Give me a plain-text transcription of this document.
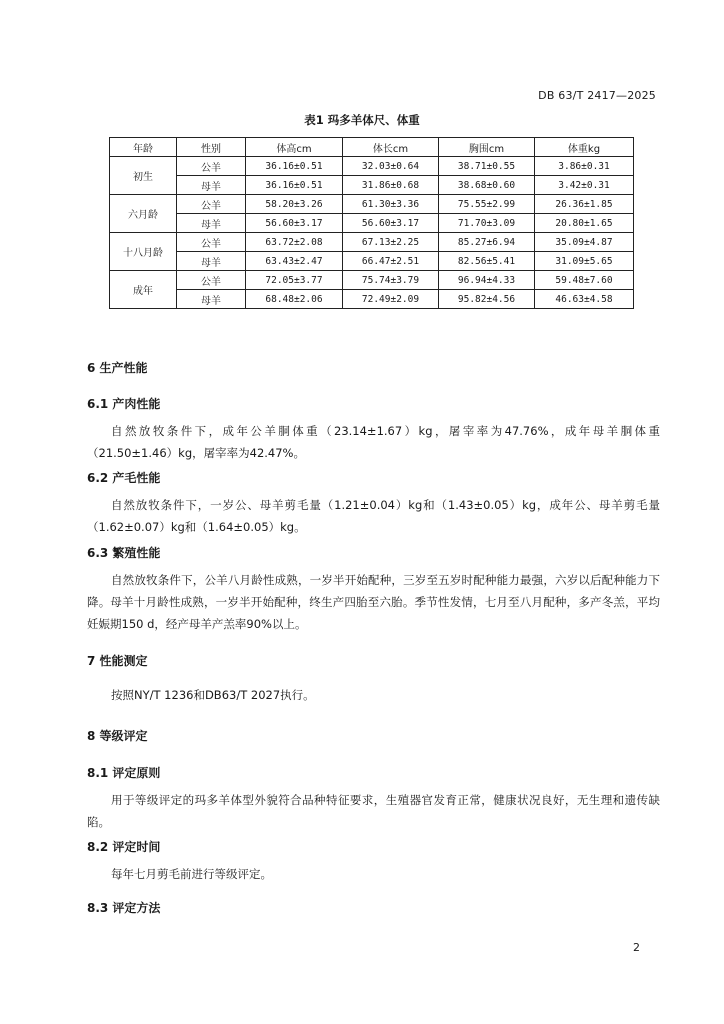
DB 63/T 2417—2025
表1 玛多羊体尺、体重
年龄	性别	体高cm	体长cm	胸围cm	体重kg
初生	公羊	36.16±0.51	32.03±0.64	38.71±0.55	3.86±0.31
	母羊	36.16±0.51	31.86±0.68	38.68±0.60	3.42±0.31
六月龄	公羊	58.20±3.26	61.30±3.36	75.55±2.99	26.36±1.85
	母羊	56.60±3.17	56.60±3.17	71.70±3.09	20.80±1.65
十八月龄	公羊	63.72±2.08	67.13±2.25	85.27±6.94	35.09±4.87
	母羊	63.43±2.47	66.47±2.51	82.56±5.41	31.09±5.65
成年	公羊	72.05±3.77	75.74±3.79	96.94±4.33	59.48±7.60
	母羊	68.48±2.06	72.49±2.09	95.82±4.56	46.63±4.58
6 生产性能
6.1 产肉性能
自然放牧条件下，成年公羊胴体重（23.14±1.67）kg，屠宰率为47.76%，成年母羊胴体重（21.50±1.46）kg，屠宰率为42.47%。
6.2 产毛性能
自然放牧条件下，一岁公、母羊剪毛量（1.21±0.04）kg和（1.43±0.05）kg，成年公、母羊剪毛量（1.62±0.07）kg和（1.64±0.05）kg。
6.3 繁殖性能
自然放牧条件下，公羊八月龄性成熟，一岁半开始配种，三岁至五岁时配种能力最强，六岁以后配种能力下降。母羊十月龄性成熟，一岁半开始配种，终生产四胎至六胎。季节性发情，七月至八月配种，多产冬羔，平均妊娠期150 d，经产母羊产羔率90%以上。
7 性能测定
按照NY/T 1236和DB63/T 2027执行。
8 等级评定
8.1 评定原则
用于等级评定的玛多羊体型外貌符合品种特征要求，生殖器官发育正常，健康状况良好，无生理和遗传缺陷。
8.2 评定时间
每年七月剪毛前进行等级评定。
8.3 评定方法
2
